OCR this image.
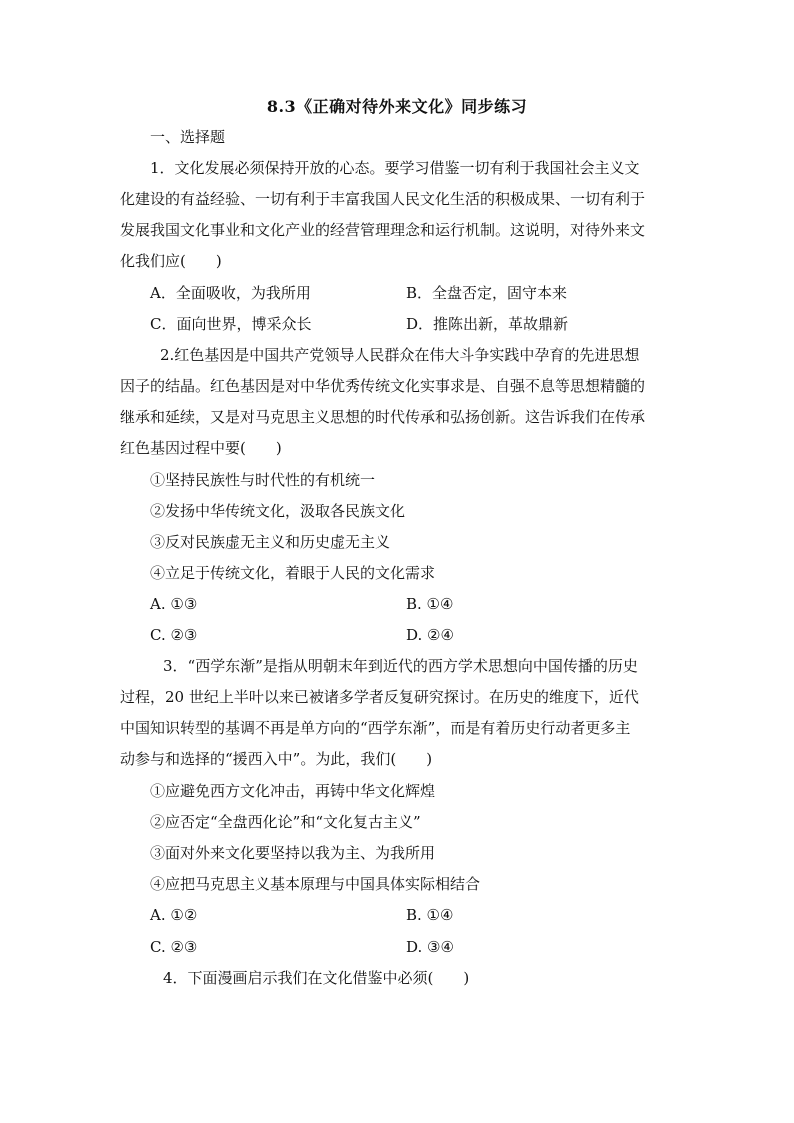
8.3《正确对待外来文化》同步练习
一、选择题
1．文化发展必须保持开放的心态。要学习借鉴一切有利于我国社会主义文
化建设的有益经验、一切有利于丰富我国人民文化生活的积极成果、一切有利于
发展我国文化事业和文化产业的经营管理理念和运行机制。这说明，对待外来文
化我们应(　　)
A．全面吸收，为我所用	B．全盘否定，固守本来
C．面向世界，博采众长	D．推陈出新，革故鼎新
2.红色基因是中国共产党领导人民群众在伟大斗争实践中孕育的先进思想
因子的结晶。红色基因是对中华优秀传统文化实事求是、自强不息等思想精髓的
继承和延续，又是对马克思主义思想的时代传承和弘扬创新。这告诉我们在传承
红色基因过程中要(　　)
①坚持民族性与时代性的有机统一
②发扬中华传统文化，汲取各民族文化
③反对民族虚无主义和历史虚无主义
④立足于传统文化，着眼于人民的文化需求
A. ①③	B. ①④
C. ②③	D. ②④
3．“西学东渐”是指从明朝末年到近代的西方学术思想向中国传播的历史
过程，20 世纪上半叶以来已被诸多学者反复研究探讨。在历史的维度下，近代
中国知识转型的基调不再是单方向的“西学东渐”，而是有着历史行动者更多主
动参与和选择的“援西入中”。为此，我们(　　)
①应避免西方文化冲击，再铸中华文化辉煌
②应否定“全盘西化论”和“文化复古主义”
③面对外来文化要坚持以我为主、为我所用
④应把马克思主义基本原理与中国具体实际相结合
A. ①②	B. ①④
C. ②③	D. ③④
4．下面漫画启示我们在文化借鉴中必须(　　)
